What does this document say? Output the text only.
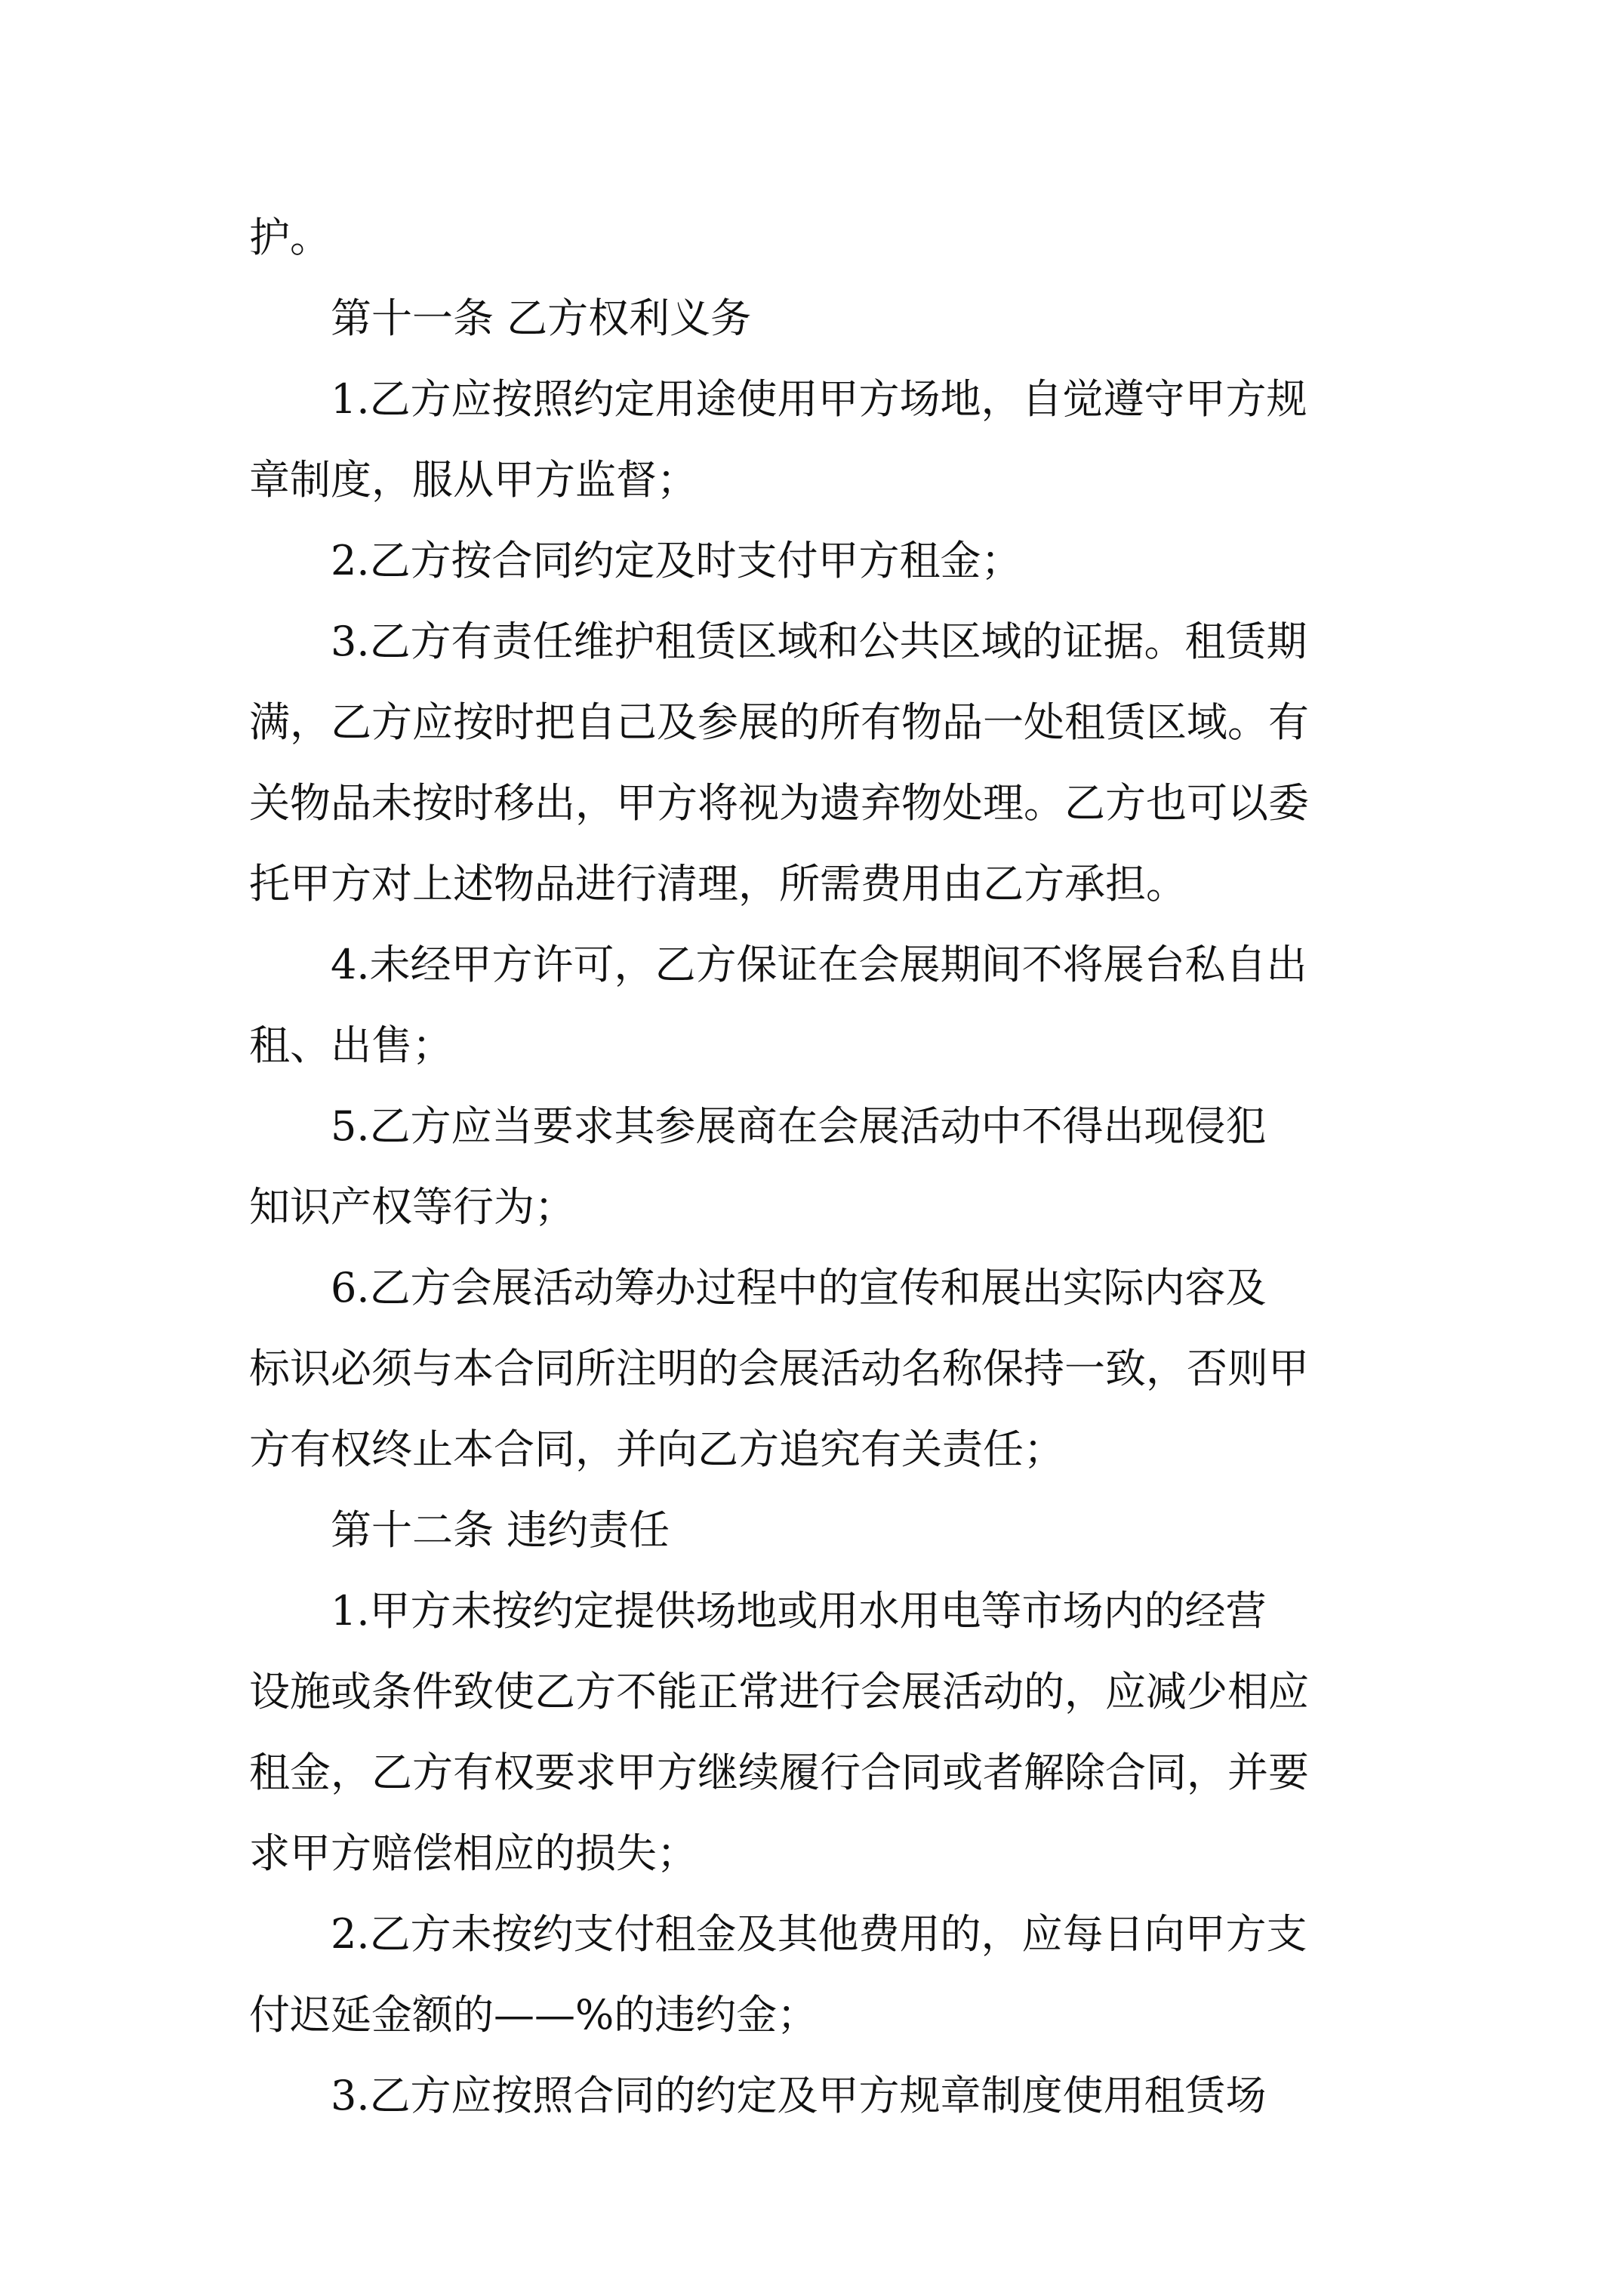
护。
第十一条 乙方权利义务
1.乙方应按照约定用途使用甲方场地，自觉遵守甲方规
章制度，服从甲方监督；
2.乙方按合同约定及时支付甲方租金；
3.乙方有责任维护租赁区域和公共区域的证据。租赁期
满，乙方应按时把自己及参展的所有物品一处租赁区域。有
关物品未按时移出，甲方将视为遗弃物处理。乙方也可以委
托甲方对上述物品进行清理，所需费用由乙方承担。
4.未经甲方许可，乙方保证在会展期间不将展台私自出
租、出售；
5.乙方应当要求其参展商在会展活动中不得出现侵犯
知识产权等行为；
6.乙方会展活动筹办过程中的宣传和展出实际内容及
标识必须与本合同所注明的会展活动名称保持一致，否则甲
方有权终止本合同，并向乙方追究有关责任；
第十二条 违约责任
1.甲方未按约定提供场地或用水用电等市场内的经营
设施或条件致使乙方不能正常进行会展活动的，应减少相应
租金，乙方有权要求甲方继续履行合同或者解除合同，并要
求甲方赔偿相应的损失；
2.乙方未按约支付租金及其他费用的，应每日向甲方支
付迟延金额的——%的违约金；
3.乙方应按照合同的约定及甲方规章制度使用租赁场
